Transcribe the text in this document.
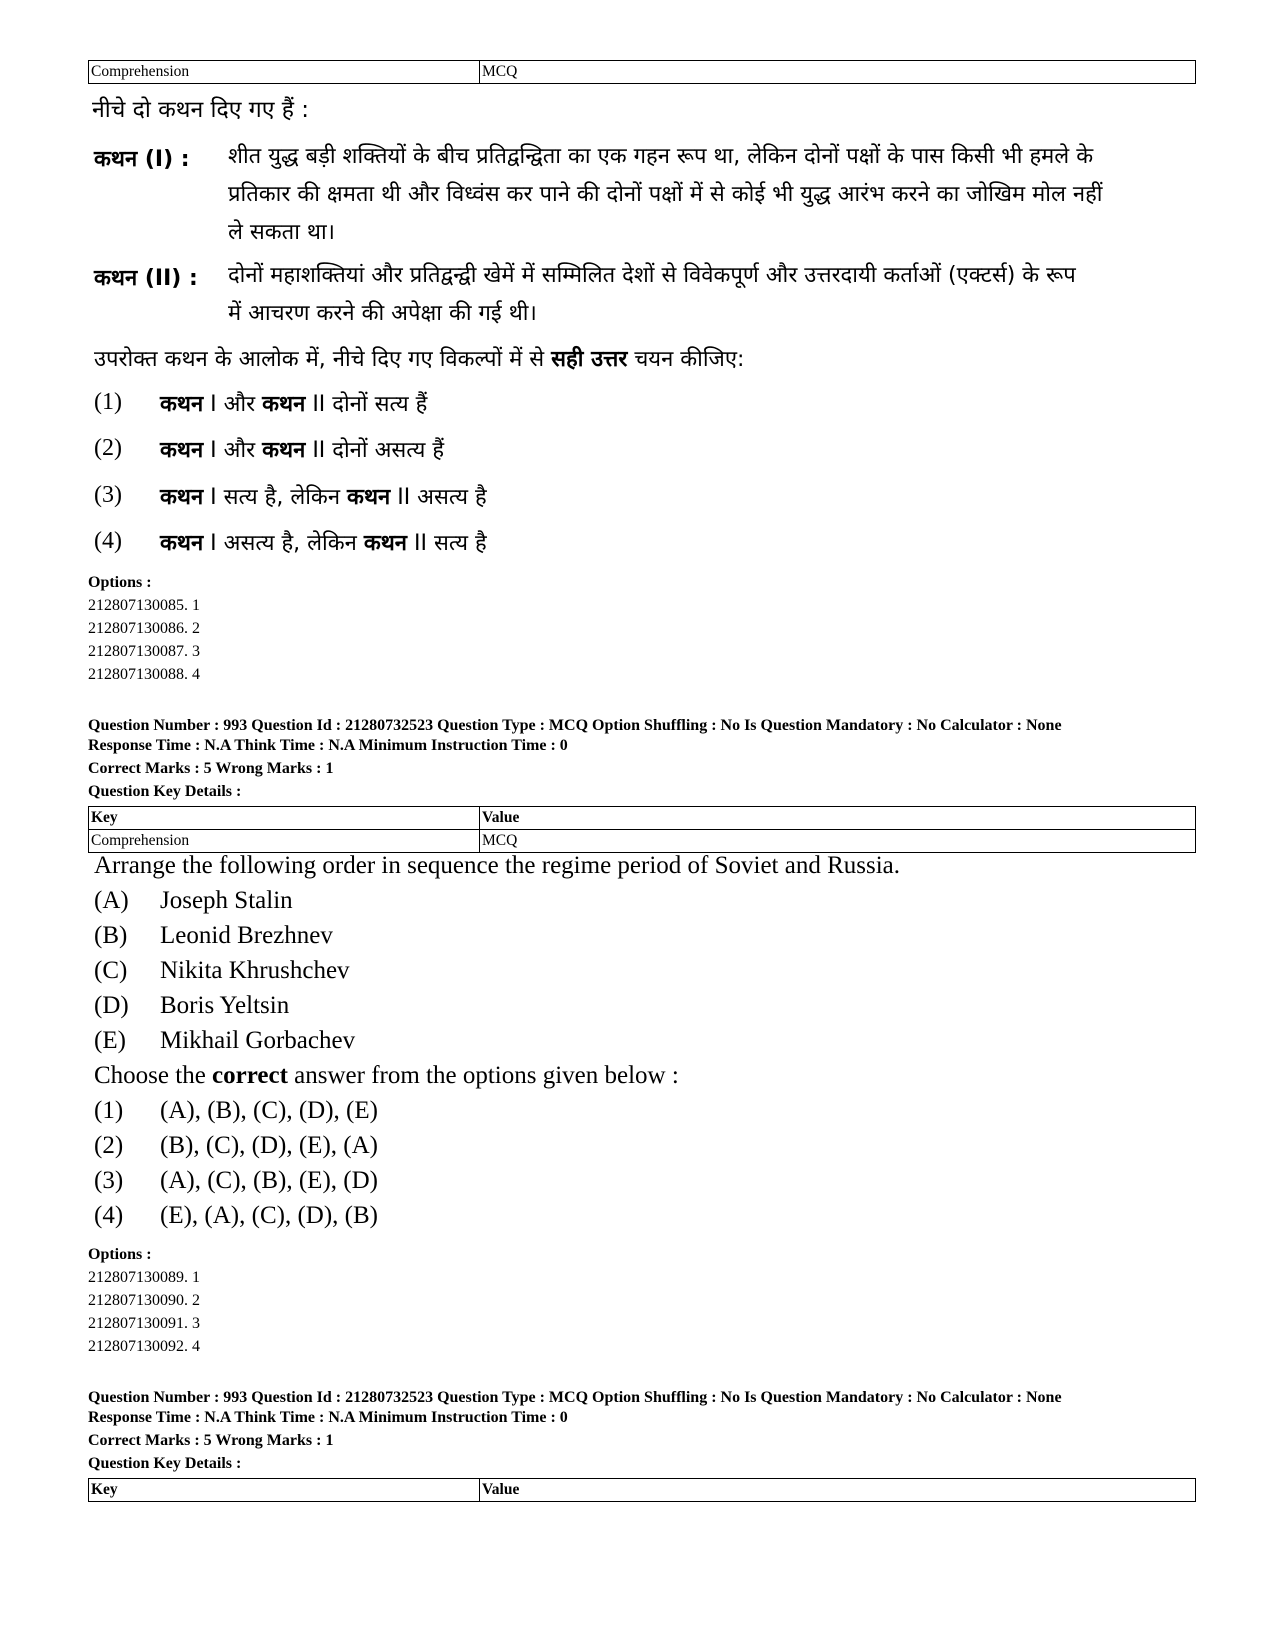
Comprehension	MCQ
नीचे दो कथन दिए गए हैं :
कथन (I) : शीत युद्ध बड़ी शक्तियों के बीच प्रतिद्वन्द्विता का एक गहन रूप था, लेकिन दोनों पक्षों के पास किसी भी हमले के
प्रतिकार की क्षमता थी और विध्वंस कर पाने की दोनों पक्षों में से कोई भी युद्ध आरंभ करने का जोखिम मोल नहीं
ले सकता था।
कथन (II) : दोनों महाशक्तियां और प्रतिद्वन्द्वी खेमें में सम्मिलित देशों से विवेकपूर्ण और उत्तरदायी कर्ताओं (एक्टर्स) के रूप
में आचरण करने की अपेक्षा की गई थी।
उपरोक्त कथन के आलोक में, नीचे दिए गए विकल्पों में से सही उत्तर चयन कीजिए:
(1) कथन I और कथन II दोनों सत्य हैं
(2) कथन I और कथन II दोनों असत्य हैं
(3) कथन I सत्य है, लेकिन कथन II असत्य है
(4) कथन I असत्य है, लेकिन कथन II सत्य है
Options :
212807130085. 1
212807130086. 2
212807130087. 3
212807130088. 4
Question Number : 993 Question Id : 21280732523 Question Type : MCQ Option Shuffling : No Is Question Mandatory : No Calculator : None
Response Time : N.A Think Time : N.A Minimum Instruction Time : 0
Correct Marks : 5 Wrong Marks : 1
Question Key Details :
Key	Value
Comprehension	MCQ
Arrange the following order in sequence the regime period of Soviet and Russia.
(A) Joseph Stalin
(B) Leonid Brezhnev
(C) Nikita Khrushchev
(D) Boris Yeltsin
(E) Mikhail Gorbachev
Choose the correct answer from the options given below :
(1) (A), (B), (C), (D), (E)
(2) (B), (C), (D), (E), (A)
(3) (A), (C), (B), (E), (D)
(4) (E), (A), (C), (D), (B)
Options :
212807130089. 1
212807130090. 2
212807130091. 3
212807130092. 4
Question Number : 993 Question Id : 21280732523 Question Type : MCQ Option Shuffling : No Is Question Mandatory : No Calculator : None
Response Time : N.A Think Time : N.A Minimum Instruction Time : 0
Correct Marks : 5 Wrong Marks : 1
Question Key Details :
Key	Value
